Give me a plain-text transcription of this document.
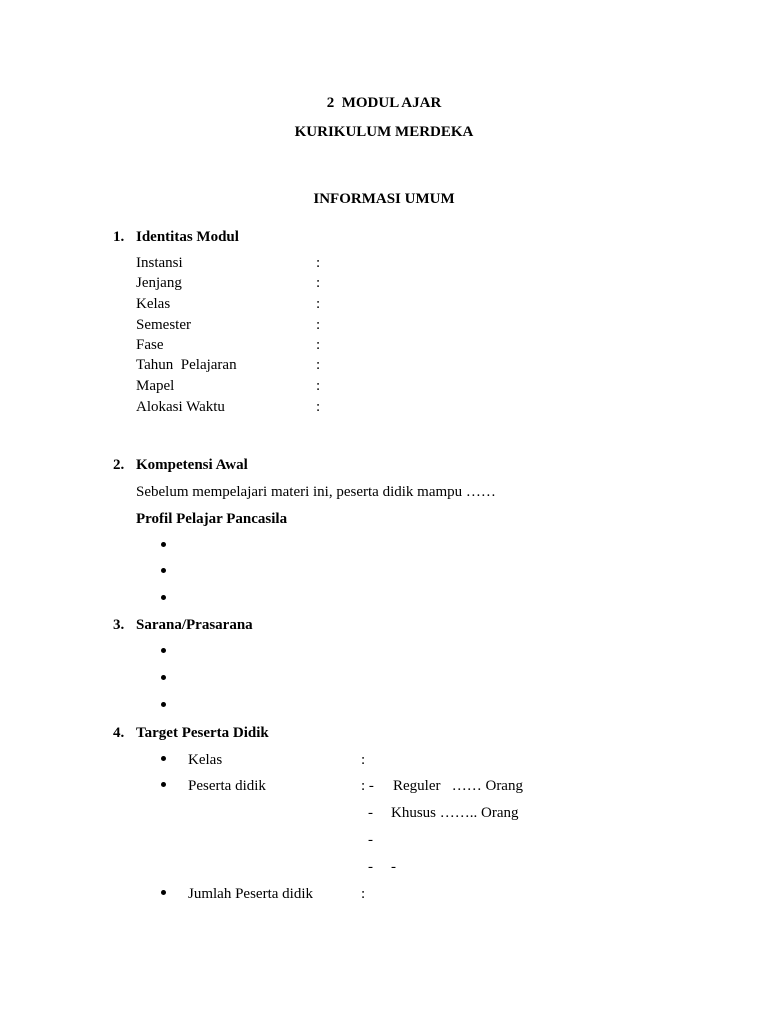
2  MODUL AJAR
KURIKULUM MERDEKA
INFORMASI UMUM
1. Identitas Modul
Instansi	:
Jenjang	:
Kelas	:
Semester	:
Fase	:
Tahun  Pelajaran	:
Mapel	:
Alokasi Waktu	:
2. Kompetensi Awal
Sebelum mempelajari materi ini, peserta didik mampu ……
Profil Pelajar Pancasila
3. Sarana/Prasarana
4. Target Peserta Didik
Kelas	:
Peserta didik	: - Reguler   …… Orang
- Khusus …….. Orang
-
- -
Jumlah Peserta didik	:
